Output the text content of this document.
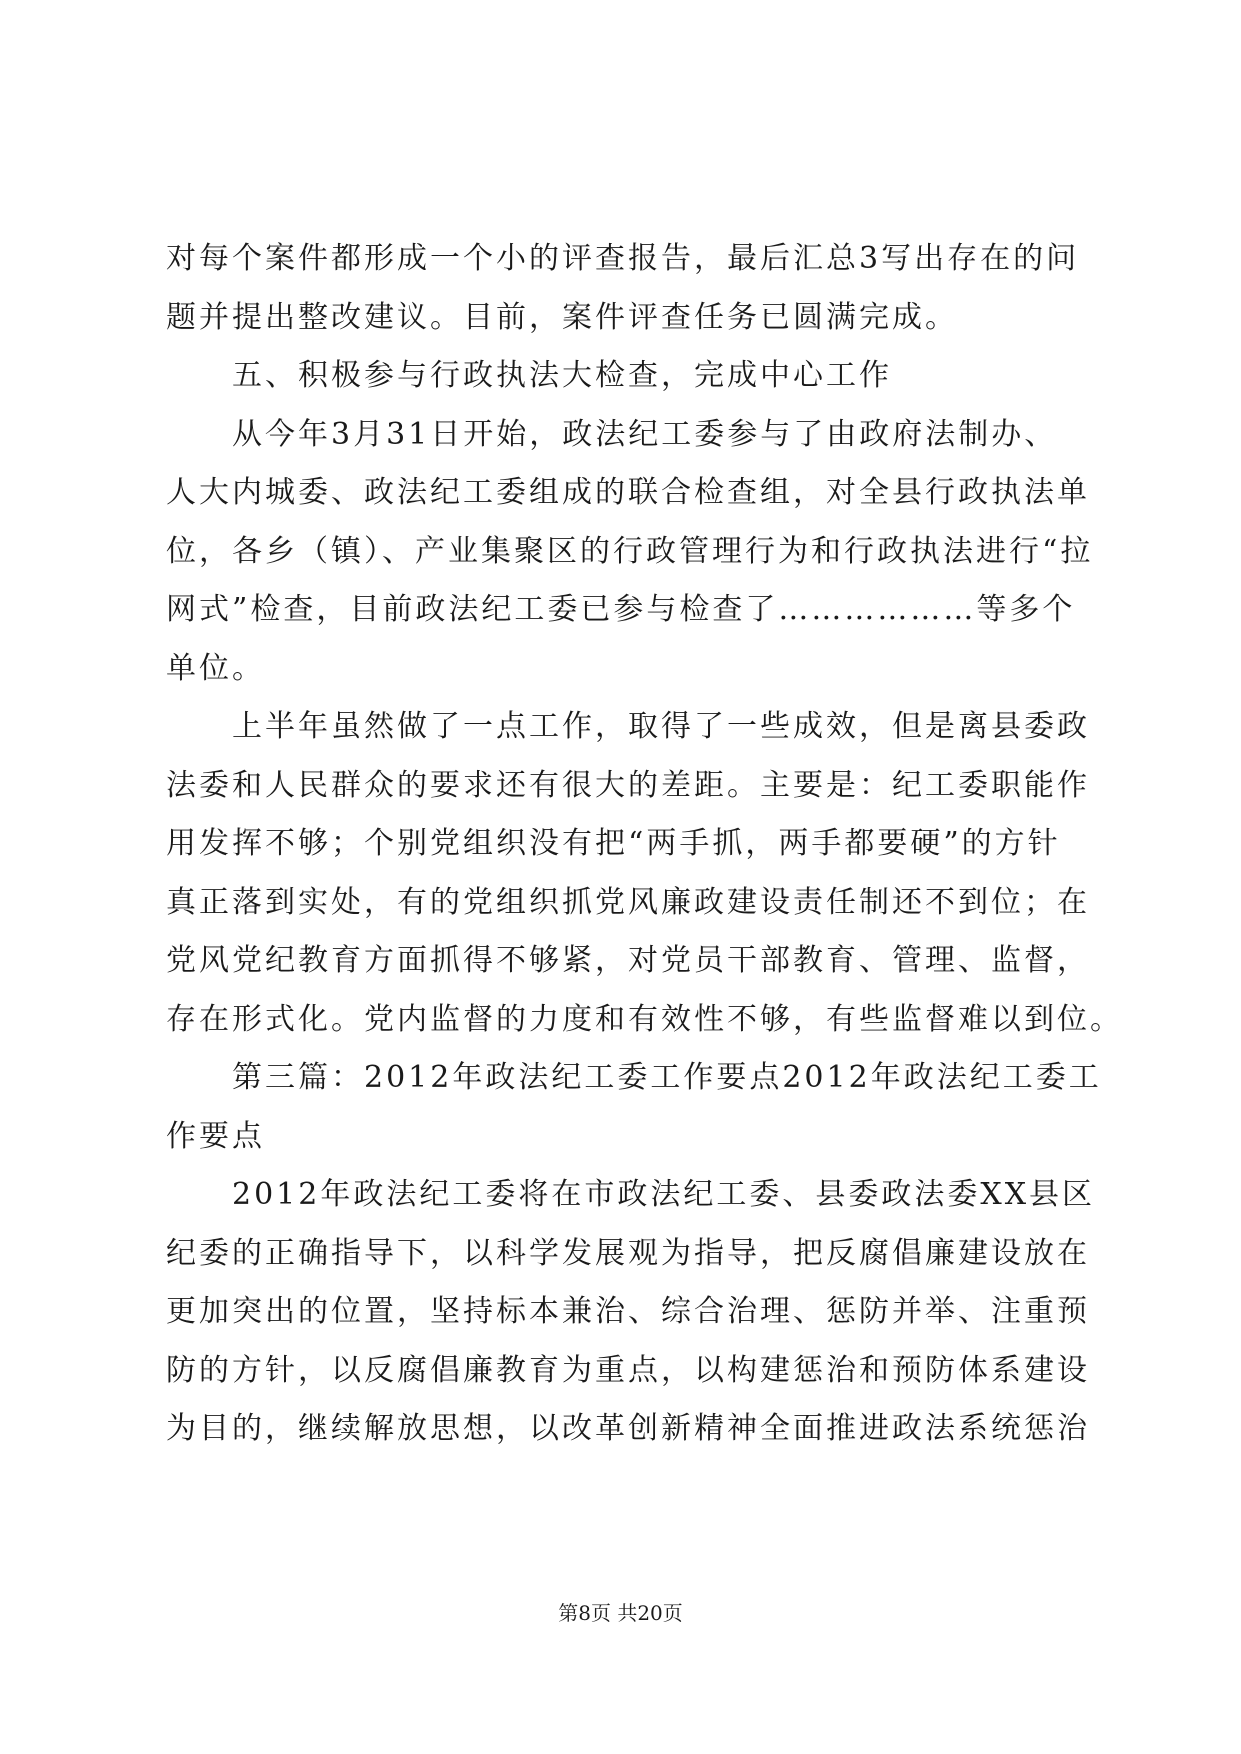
对每个案件都形成一个小的评查报告，最后汇总3写出存在的问
题并提出整改建议。目前，案件评查任务已圆满完成。
五、积极参与行政执法大检查，完成中心工作
从今年3月31日开始，政法纪工委参与了由政府法制办、
人大内城委、政法纪工委组成的联合检查组，对全县行政执法单
位，各乡（镇）、产业集聚区的行政管理行为和行政执法进行“拉
网式”检查，目前政法纪工委已参与检查了………………等多个
单位。
上半年虽然做了一点工作，取得了一些成效，但是离县委政
法委和人民群众的要求还有很大的差距。主要是：纪工委职能作
用发挥不够；个别党组织没有把“两手抓，两手都要硬”的方针
真正落到实处，有的党组织抓党风廉政建设责任制还不到位；在
党风党纪教育方面抓得不够紧，对党员干部教育、管理、监督，
存在形式化。党内监督的力度和有效性不够，有些监督难以到位。
第三篇：2012年政法纪工委工作要点2012年政法纪工委工
作要点
2012年政法纪工委将在市政法纪工委、县委政法委XX县区
纪委的正确指导下，以科学发展观为指导，把反腐倡廉建设放在
更加突出的位置，坚持标本兼治、综合治理、惩防并举、注重预
防的方针，以反腐倡廉教育为重点，以构建惩治和预防体系建设
为目的，继续解放思想，以改革创新精神全面推进政法系统惩治
第8页 共20页
